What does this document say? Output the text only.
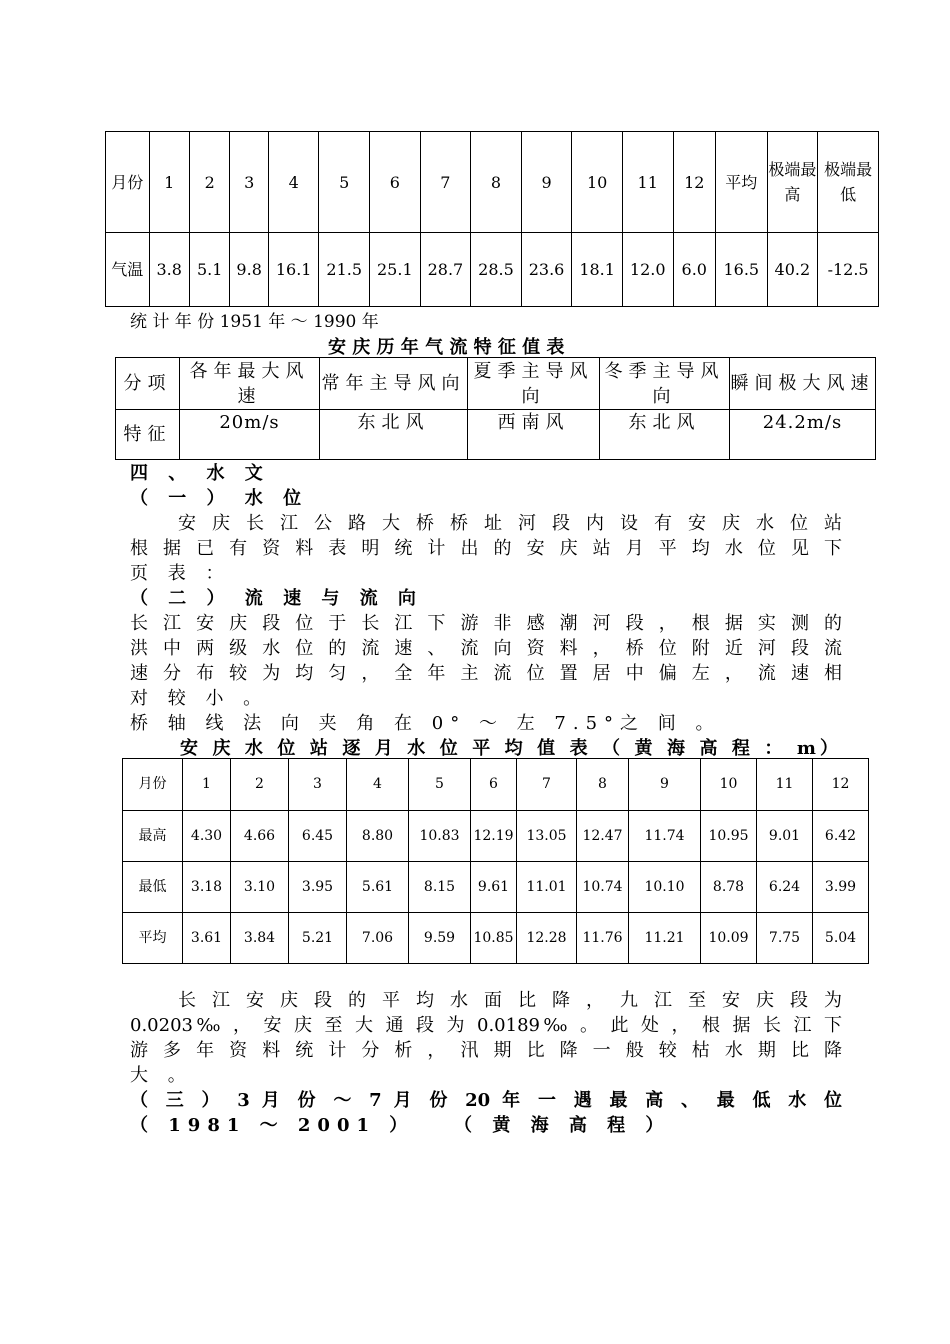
月份	1	2	3	4	5	6	7	8	9	10	11	12	平均	极端最高	极端最低
气温	3.8	5.1	9.8	16.1	21.5	25.1	28.7	28.5	23.6	18.1	12.0	6.0	16.5	40.2	-12.5
统 计 年 份 1951 年 ～ 1990 年
安 庆 历 年 气 流 特 征 值 表
分项	各年最大风速	常年主导风向	夏季主导风向	冬季主导风向	瞬间极大风速
特征	20m/s	东北风	西南风	东北风	24.2m/s
四 、 水 文
（ 一 ） 水 位
安 庆 长 江 公 路 大 桥 桥 址 河 段 内 设 有 安 庆 水 位 站
根 据 已 有 资 料 表 明 统 计 出 的 安 庆 站 月 平 均 水 位 见 下
页 表 ：
（ 二 ） 流 速 与 流 向
长 江 安 庆 段 位 于 长 江 下 游 非 感 潮 河 段 ， 根 据 实 测 的
洪 中 两 级 水 位 的 流 速 、 流 向 资 料 ， 桥 位 附 近 河 段 流
速 分 布 较 为 均 匀 ， 全 年 主 流 位 置 居 中 偏 左 ， 流 速 相
对 较 小 。
桥 轴 线 法 向 夹 角 在 0° ～ 左 7.5°之 间 。
安 庆 水 位 站 逐 月 水 位 平 均 值 表 （ 黄 海 高 程 ： m）
月份	1	2	3	4	5	6	7	8	9	10	11	12
最高	4.30	4.66	6.45	8.80	10.83	12.19	13.05	12.47	11.74	10.95	9.01	6.42
最低	3.18	3.10	3.95	5.61	8.15	9.61	11.01	10.74	10.10	8.78	6.24	3.99
平均	3.61	3.84	5.21	7.06	9.59	10.85	12.28	11.76	11.21	10.09	7.75	5.04
长 江 安 庆 段 的 平 均 水 面 比 降 ， 九 江 至 安 庆 段 为
0.0203‰ ， 安 庆 至 大 通 段 为 0.0189‰ 。 此 处 ， 根 据 长 江 下
游 多 年 资 料 统 计 分 析 ， 汛 期 比 降 一 般 较 枯 水 期 比 降
大 。
（ 三 ） 3 月 份 ～ 7 月 份 20 年 一 遇 最 高 、 最 低 水 位
（ 1981 ～ 2001 ）   （ 黄 海 高 程 ）
